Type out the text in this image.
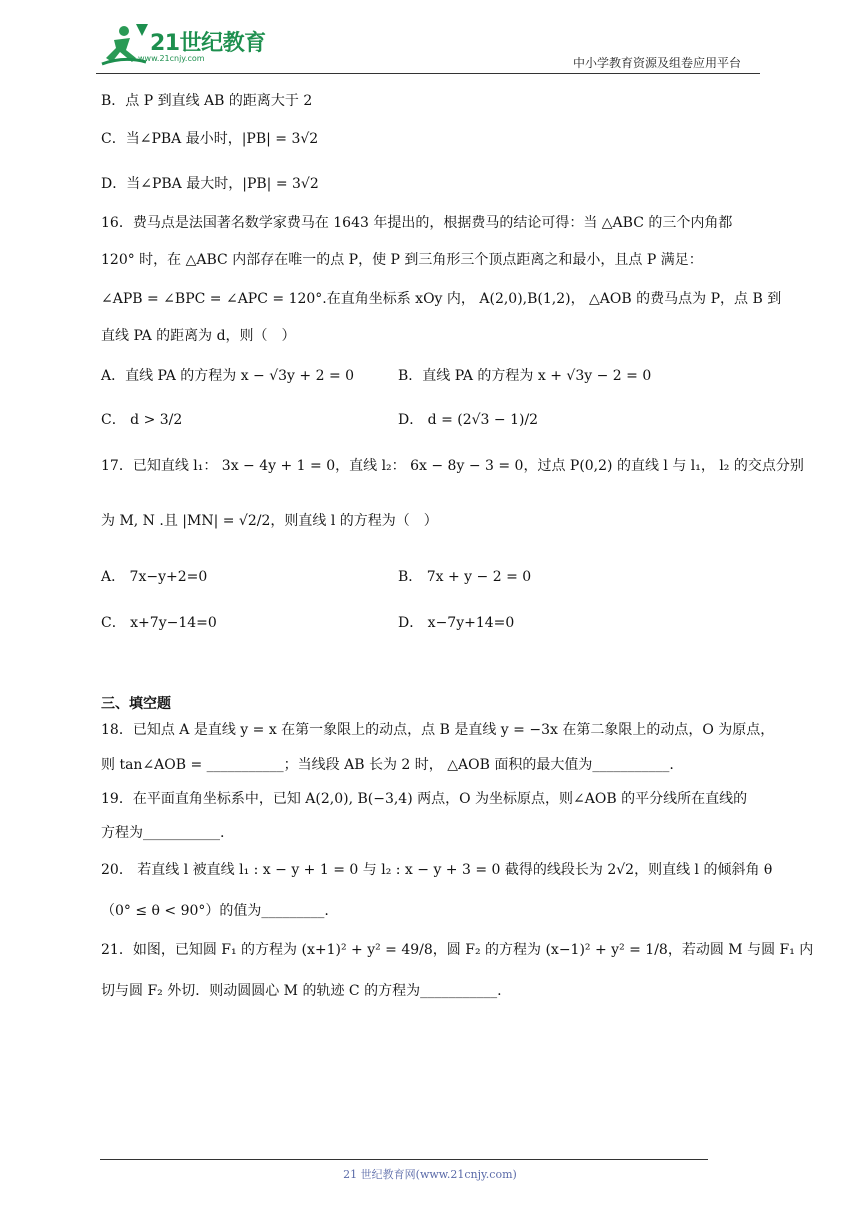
21世纪教育
www.21cnjy.com	中小学教育资源及组卷应用平台
B．点 P 到直线 AB 的距离大于 2
C．当∠PBA 最小时，|PB| = 3√2
D．当∠PBA 最大时，|PB| = 3√2
16．费马点是法国著名数学家费马在 1643 年提出的，根据费马的结论可得：当 △ABC 的三个内角都
120° 时，在 △ABC 内部存在唯一的点 P，使 P 到三角形三个顶点距离之和最小，且点 P 满足：
∠APB = ∠BPC = ∠APC = 120°.在直角坐标系 xOy 内， A(2,0),B(1,2)， △AOB 的费马点为 P，点 B 到
直线 PA 的距离为 d，则（　）
A．直线 PA 的方程为 x − √3y + 2 = 0	B．直线 PA 的方程为 x + √3y − 2 = 0
C． d > 3/2	D． d = (2√3 − 1)/2
17．已知直线 l₁： 3x − 4y + 1 = 0，直线 l₂： 6x − 8y − 3 = 0，过点 P(0,2) 的直线 l 与 l₁， l₂ 的交点分别
为 M, N .且 |MN| = √2/2，则直线 l 的方程为（　）
A． 7x−y+2=0	B． 7x + y − 2 = 0
C． x+7y−14=0	D． x−7y+14=0
三、填空题
18．已知点 A 是直线 y = x 在第一象限上的动点，点 B 是直线 y = −3x 在第二象限上的动点，O 为原点，
则 tan∠AOB = ___________；当线段 AB 长为 2 时， △AOB 面积的最大值为___________.
19．在平面直角坐标系中，已知 A(2,0), B(−3,4) 两点，O 为坐标原点，则∠AOB 的平分线所在直线的
方程为___________.
20． 若直线 l 被直线 l₁ : x − y + 1 = 0 与 l₂ : x − y + 3 = 0 截得的线段长为 2√2，则直线 l 的倾斜角 θ
（0° ≤ θ < 90°）的值为_________.
21．如图，已知圆 F₁ 的方程为 (x+1)² + y² = 49/8，圆 F₂ 的方程为 (x−1)² + y² = 1/8，若动圆 M 与圆 F₁ 内
切与圆 F₂ 外切．则动圆圆心 M 的轨迹 C 的方程为___________.
21 世纪教育网(www.21cnjy.com)
